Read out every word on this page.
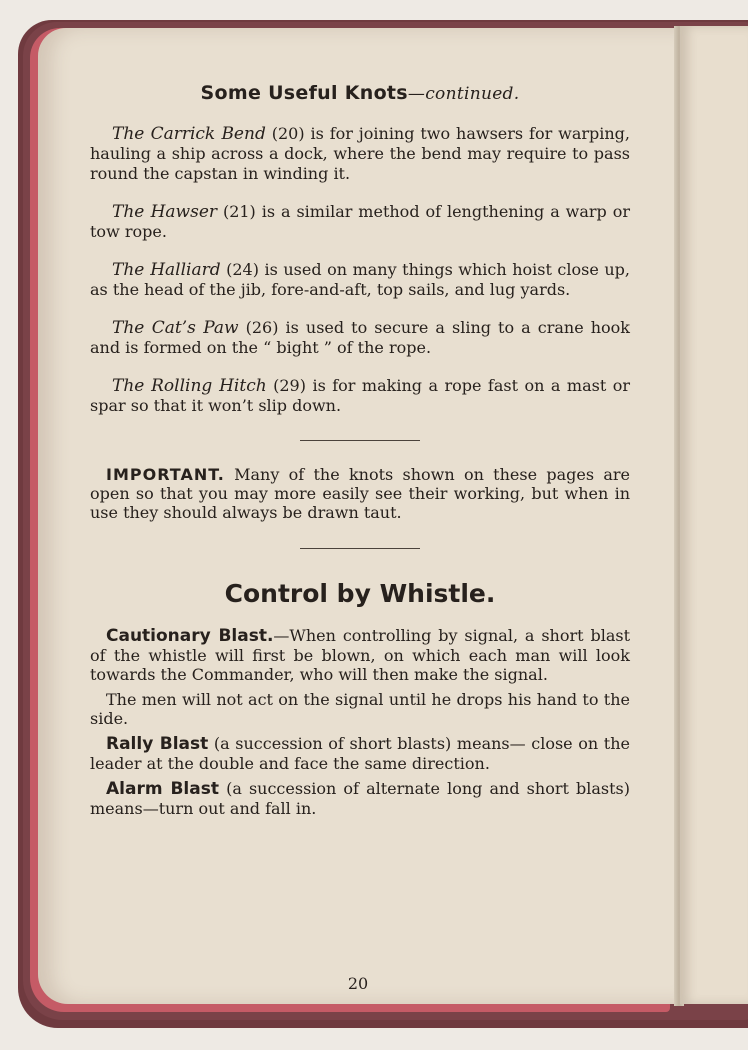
20
Some Useful Knots—continued.

The Carrick Bend (20) is for joining two hawsers for warping, hauling a ship across a dock, where the bend may require to pass round the capstan in winding it.

The Hawser (21) is a similar method of lengthening a warp or tow rope.

The Halliard (24) is used on many things which hoist close up, as the head of the jib, fore-and-aft, top sails, and lug yards.

The Cat’s Paw (26) is used to secure a sling to a crane hook and is formed on the “ bight ” of the rope.

The Rolling Hitch (29) is for making a rope fast on a mast or spar so that it won’t slip down.

IMPORTANT. Many of the knots shown on these pages are open so that you may more easily see their working, but when in use they should always be drawn taut.

Control by Whistle.

Cautionary Blast.—When controlling by signal, a short blast of the whistle will first be blown, on which each man will look towards the Commander, who will then make the signal.

The men will not act on the signal until he drops his hand to the side.

Rally Blast (a succession of short blasts) means— close on the leader at the double and face the same direction.

Alarm Blast (a succession of alternate long and short blasts) means—turn out and fall in.
